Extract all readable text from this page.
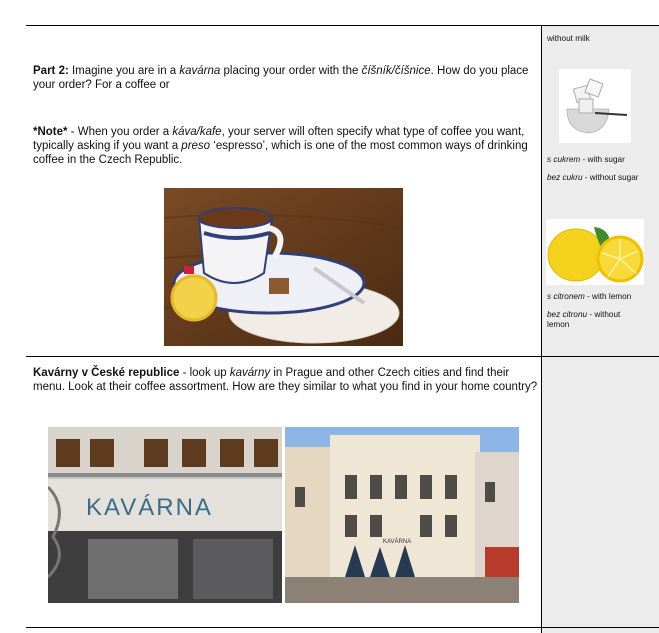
Part 2: Imagine you are in a kavárna placing your order with the číšník/číšnice. How do you place your order? For a coffee or
*Note* - When you order a káva/kafe, your server will often specify what type of coffee you want, typically asking if you want a preso ‘espresso’, which is one of the most common ways of drinking coffee in the Czech Republic.
Kavárny v České republice - look up kavárny in Prague and other Czech cities and find their menu. Look at their coffee assortment. How are they similar to what you find in your home country?
KAVÁRNA
KAVÁRNA
without milk
s cukrem - with sugar
bez cukru - without sugar
s citronem - with lemon
bez citronu - without lemon
